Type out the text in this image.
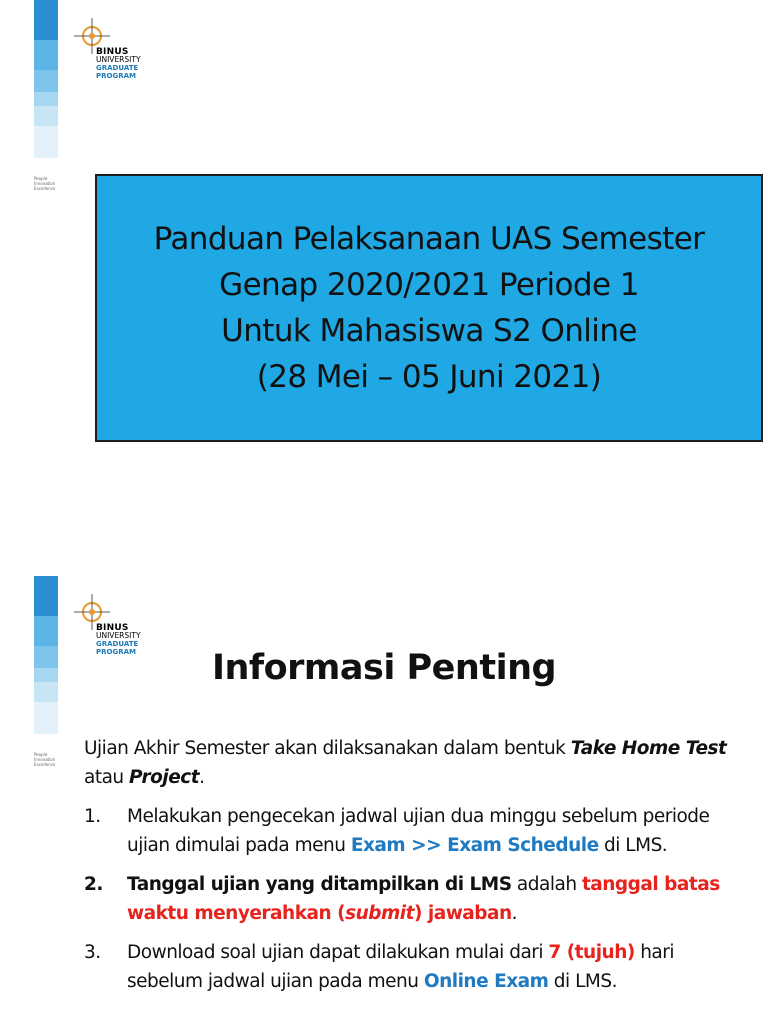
BINUS
UNIVERSITY
GRADUATE
PROGRAM
People
Innovation
Excellence
Panduan Pelaksanaan UAS Semester
Genap 2020/2021 Periode 1
Untuk Mahasiswa S2 Online
(28 Mei – 05 Juni 2021)
BINUS
UNIVERSITY
GRADUATE
PROGRAM
People
Innovation
Excellence
Informasi Penting

Ujian Akhir Semester akan dilaksanakan dalam bentuk Take Home Test atau Project.

1.	Melakukan pengecekan jadwal ujian dua minggu sebelum periode ujian dimulai pada menu Exam >> Exam Schedule di LMS.
2.	Tanggal ujian yang ditampilkan di LMS adalah tanggal batas waktu menyerahkan (submit) jawaban.
3.	Download soal ujian dapat dilakukan mulai dari 7 (tujuh) hari sebelum jadwal ujian pada menu Online Exam di LMS.
